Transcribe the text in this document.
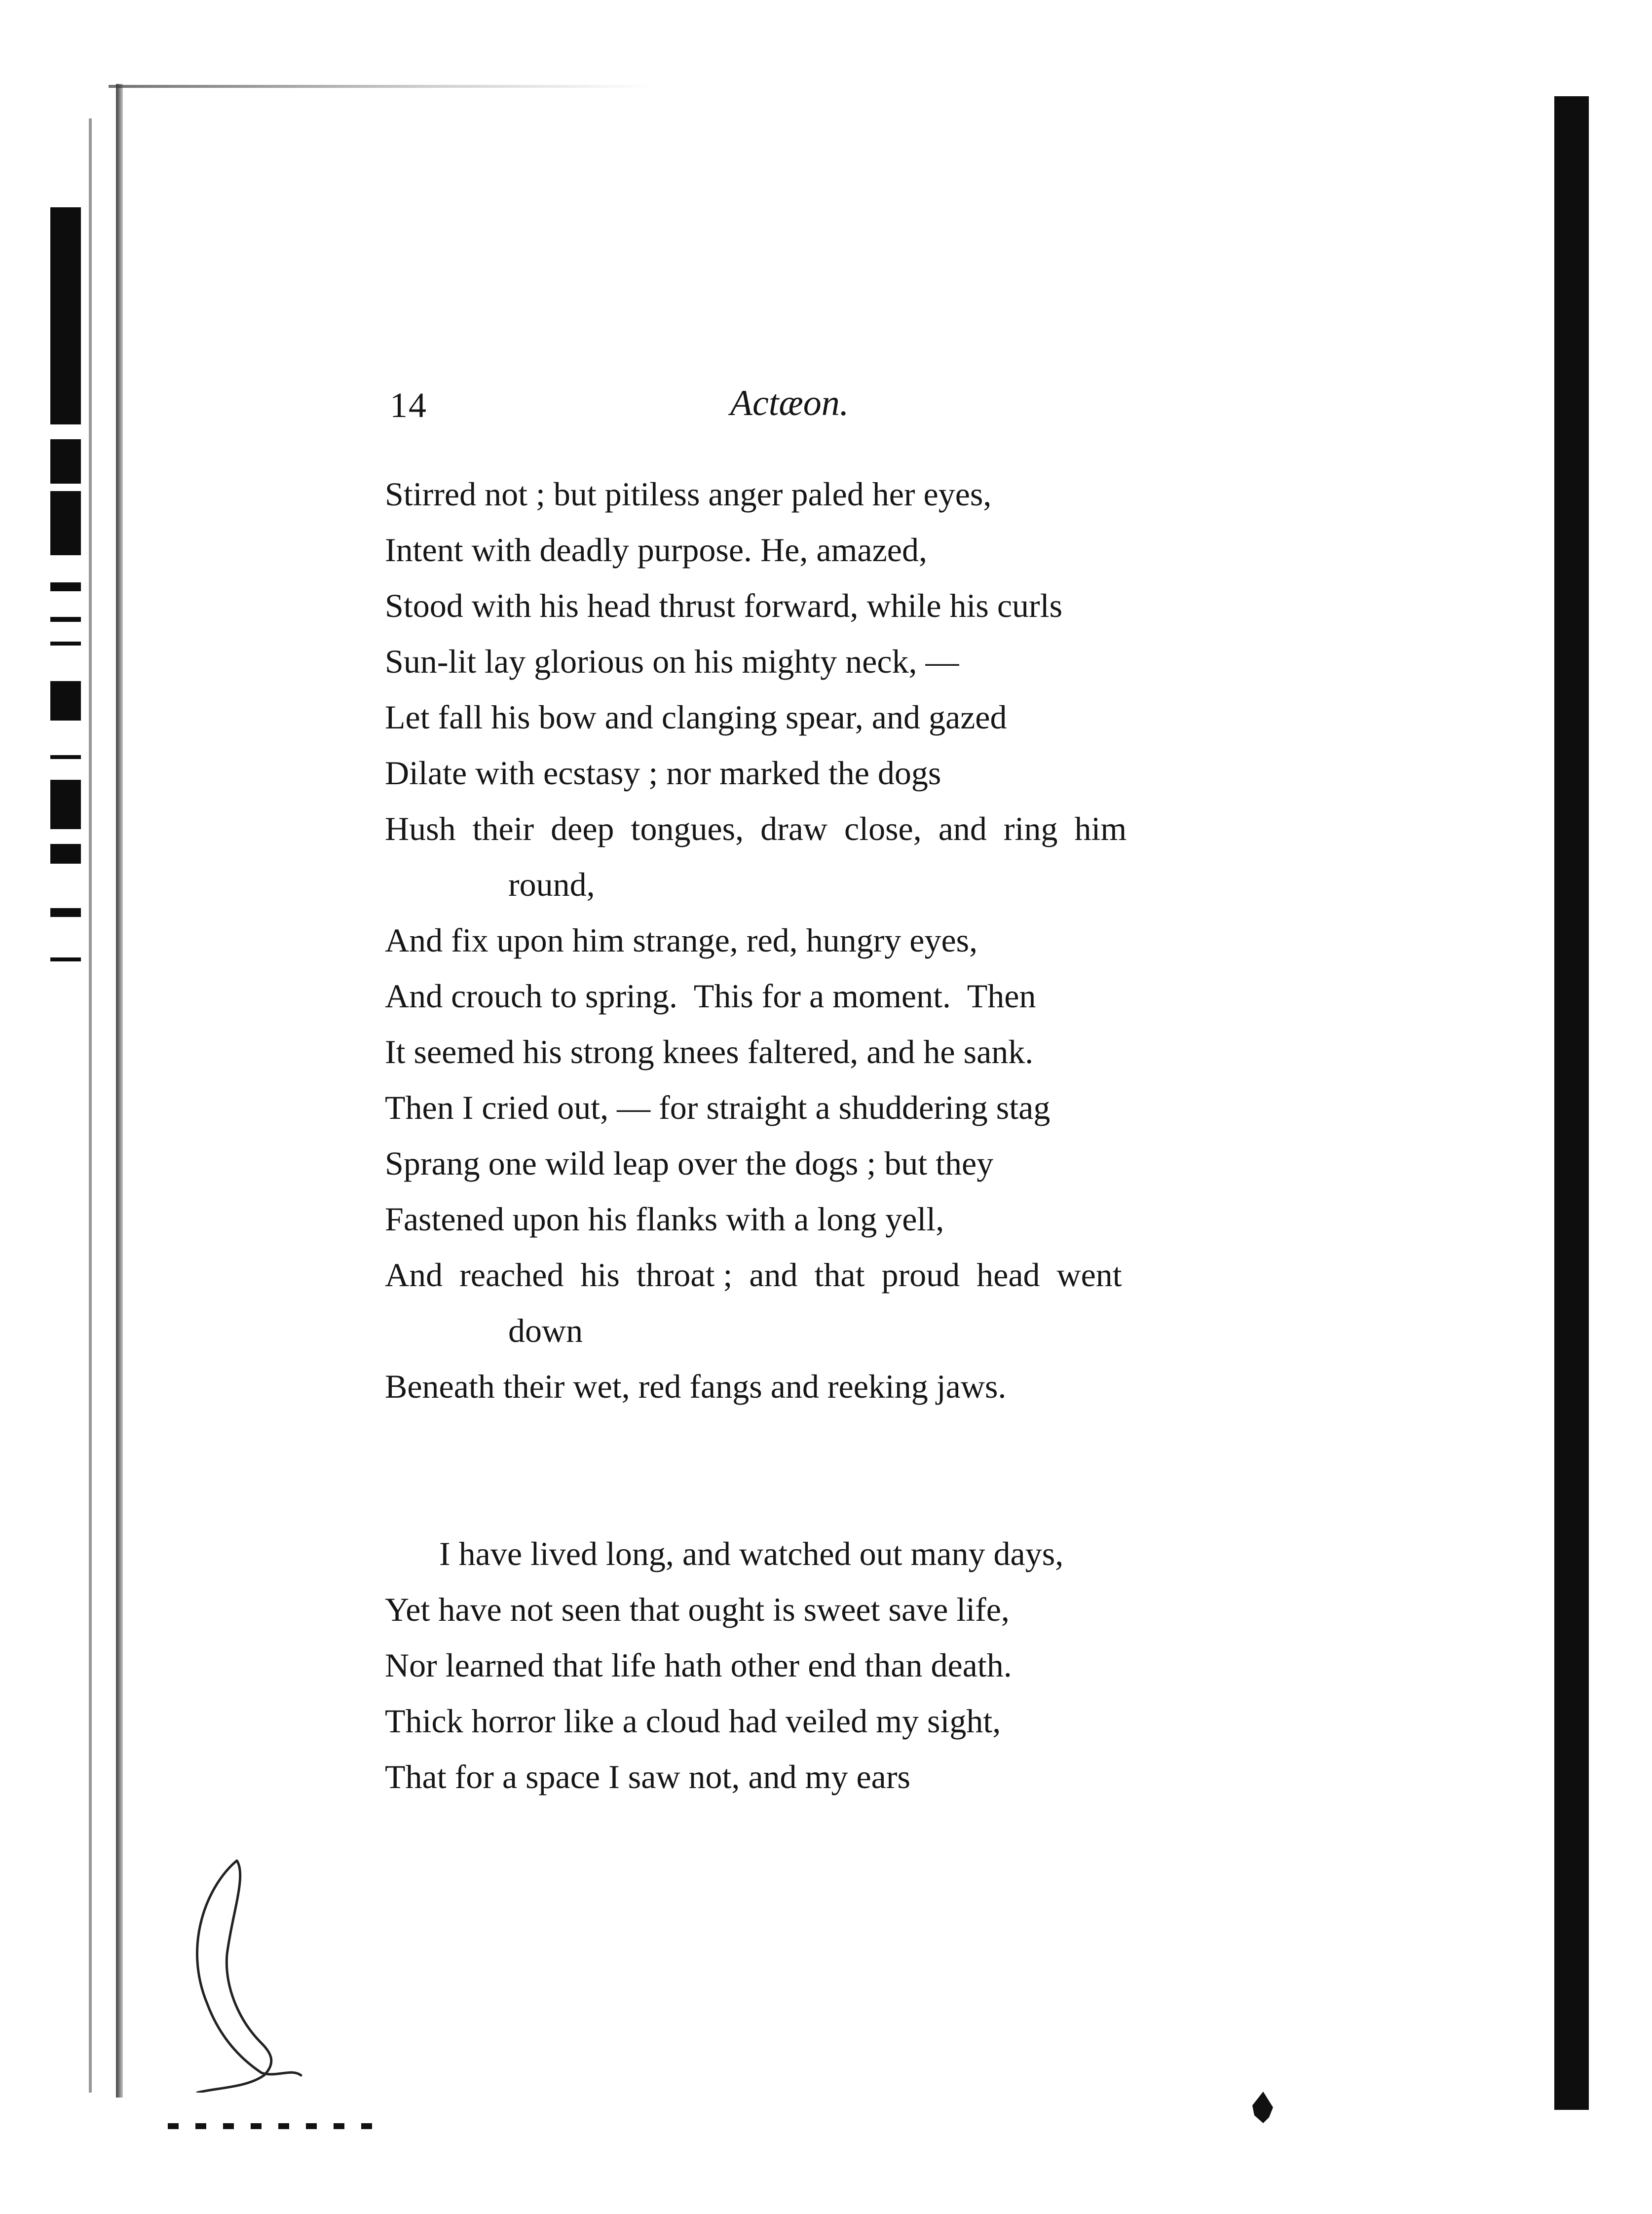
14	Actæon.
Stirred not ; but pitiless anger paled her eyes,
Intent with deadly purpose. He, amazed,
Stood with his head thrust forward, while his curls
Sun-lit lay glorious on his mighty neck, —
Let fall his bow and clanging spear, and gazed
Dilate with ecstasy ; nor marked the dogs
Hush  their  deep  tongues,  draw  close,  and  ring  him
round,
And fix upon him strange, red, hungry eyes,
And crouch to spring.  This for a moment.  Then
It seemed his strong knees faltered, and he sank.
Then I cried out, — for straight a shuddering stag
Sprang one wild leap over the dogs ; but they
Fastened upon his flanks with a long yell,
And  reached  his  throat ;  and  that  proud  head  went
down
Beneath their wet, red fangs and reeking jaws.
I have lived long, and watched out many days,
Yet have not seen that ought is sweet save life,
Nor learned that life hath other end than death.
Thick horror like a cloud had veiled my sight,
That for a space I saw not, and my ears
